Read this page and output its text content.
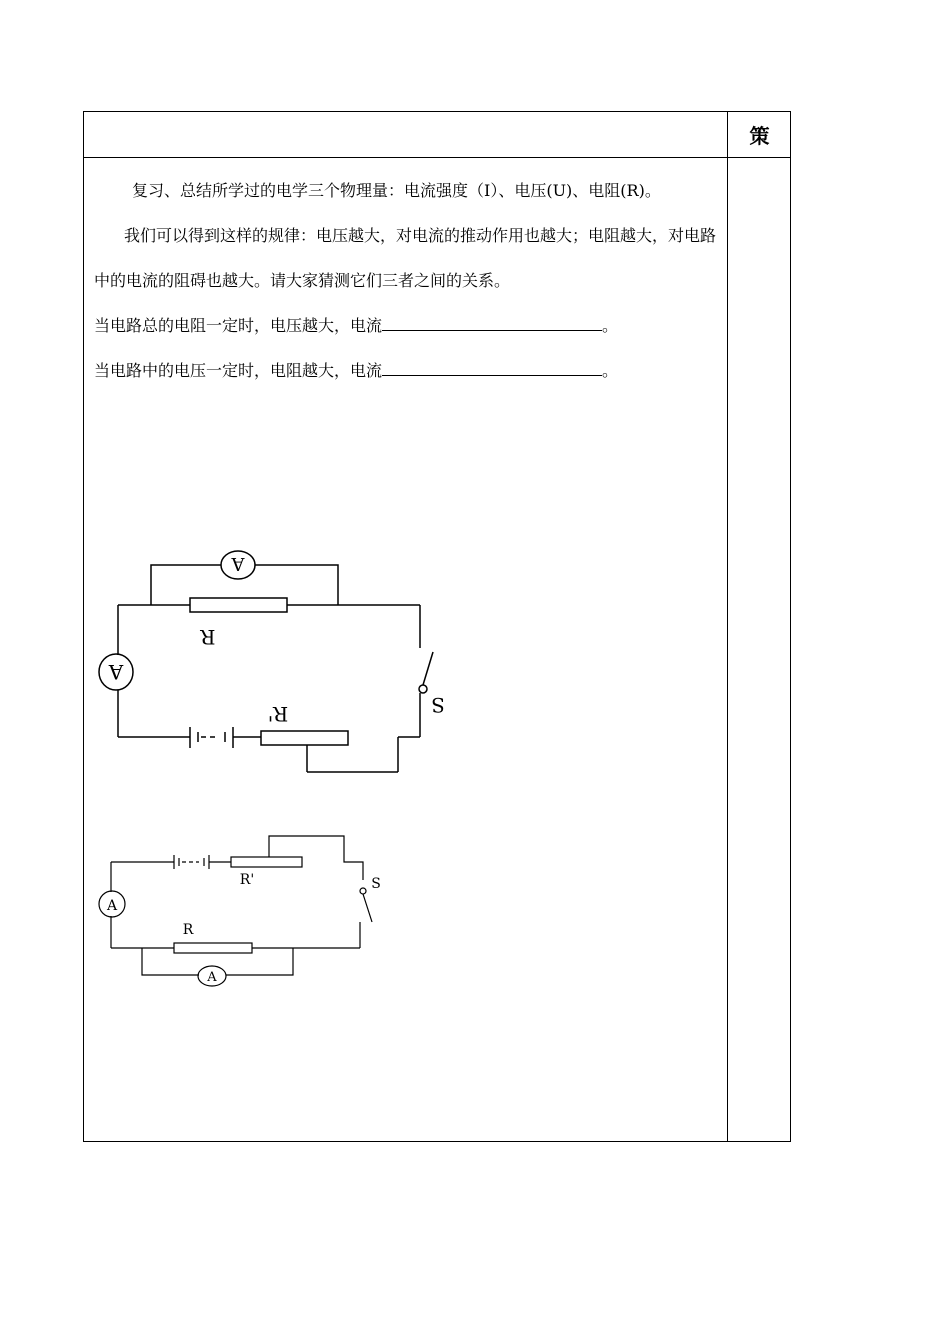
策

复习、总结所学过的电学三个物理量：电流强度（I）、电压(U)、电阻(R)。

我们可以得到这样的规律：电压越大，对电流的推动作用也越大；电阻越大，对电路中的电流的阻碍也越大。请大家猜测它们三者之间的关系。

当电路总的电阻一定时，电压越大，电流	。

当电路中的电压一定时，电阻越大，电流	。

A
A
R
S
R'
A
A
R
R'	S
